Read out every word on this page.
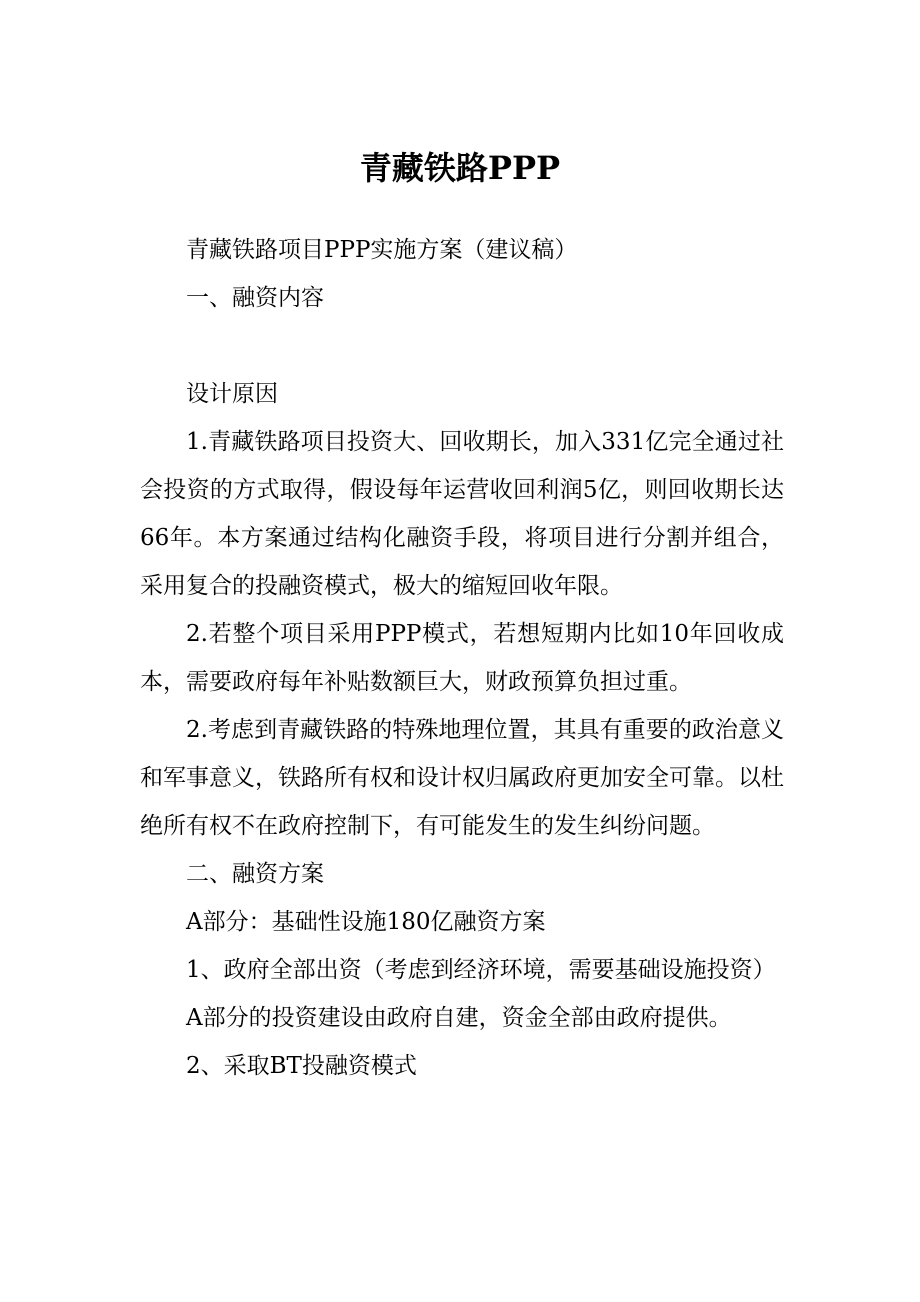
青藏铁路PPP

青藏铁路项目PPP实施方案（建议稿）

一、融资内容

设计原因

1.青藏铁路项目投资大、回收期长，加入331亿完全通过社会投资的方式取得，假设每年运营收回利润5亿，则回收期长达66年。本方案通过结构化融资手段，将项目进行分割并组合，采用复合的投融资模式，极大的缩短回收年限。

2.若整个项目采用PPP模式，若想短期内比如10年回收成本，需要政府每年补贴数额巨大，财政预算负担过重。

2.考虑到青藏铁路的特殊地理位置，其具有重要的政治意义和军事意义，铁路所有权和设计权归属政府更加安全可靠。以杜绝所有权不在政府控制下，有可能发生的发生纠纷问题。

二、融资方案

A部分：基础性设施180亿融资方案

1、政府全部出资（考虑到经济环境，需要基础设施投资）

A部分的投资建设由政府自建，资金全部由政府提供。

2、采取BT投融资模式
